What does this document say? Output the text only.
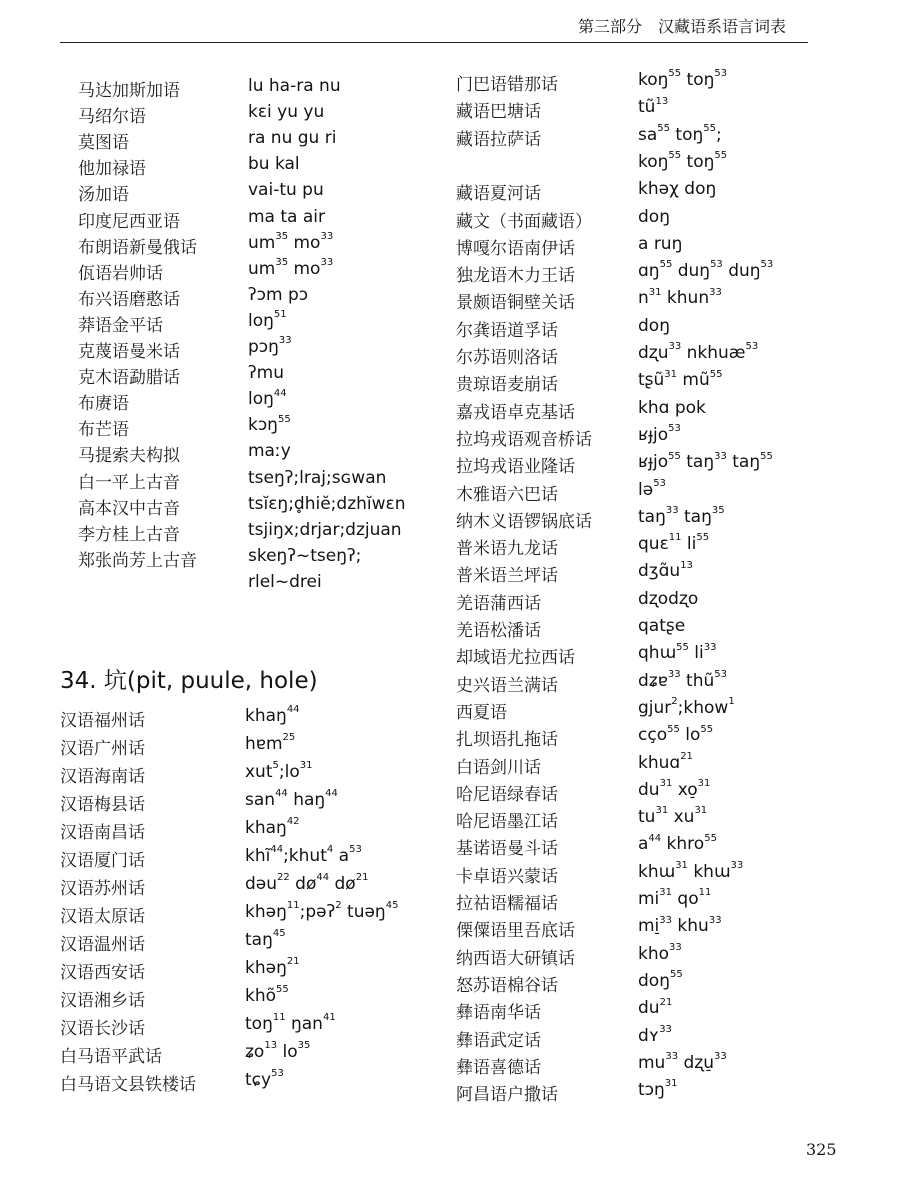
第三部分 汉藏语系语言词表
马达加斯加语	lu ha-ra nu
马绍尔语	kɛi yu yu
莫图语	ra nu gu ri
他加禄语	bu kal
汤加语	vai-tu pu
印度尼西亚语	ma ta air
布朗语新曼俄话	$um^{35}$ $mo^{33}$
佤语岩帅话	$um^{35}$ $mo^{33}$
布兴语磨憨话	ʔɔm pɔ
莽语金平话	loŋ$^{51}$
克蔑语曼米话	pɔŋ$^{33}$
克木语勐腊话	ʔmu
布赓语	loŋ$^{44}$
布芒语	kɔŋ$^{55}$
马提索夫构拟	maːy
白一平上古音	tseŋʔ;lraj;sɢwan
高本汉中古音	tsĭɛŋ;d̥hiĕ;dzhĭwɛn
李方桂上古音	tsjiŋx;drjar;dzjuan
郑张尚芳上古音	skeŋʔ~tseŋʔ;
rlel~drei
34. 坑(pit, puule, hole)
汉语福州话	khaŋ$^{44}$
汉语广州话	hɐm$^{25}$
汉语海南话	$xut^5;lo^{31}$
汉语梅县话	san$^{44}$ haŋ$^{44}$
汉语南昌话	khaŋ$^{42}$
汉语厦门话	khĩ$^{44}$;khut$^4$ $a^{53}$
汉语苏州话	dəu$^{22}$ $dø^{44}$ $dø^{21}$
汉语太原话	khəŋ$^{11}$;pəʔ$^2$ tuəŋ$^{45}$
汉语温州话	taŋ$^{45}$
汉语西安话	khəŋ$^{21}$
汉语湘乡话	khõ$^{55}$
汉语长沙话	toŋ$^{11}$ ŋan$^{41}$
白马语平武话	ʑo$^{13}$ $lo^{35}$
白马语文县铁楼话	tɕy$^{53}$
门巴语错那话	koŋ$^{55}$ toŋ$^{53}$
藏语巴塘话	$tũ^{13}$
藏语拉萨话	$sa^{55}$ toŋ$^{55}$;
koŋ$^{55}$ toŋ$^{55}$
藏语夏河话	khəχ doŋ
藏文（书面藏语）	doŋ
博嘎尔语南伊话	a ruŋ
独龙语木力王话	ɑŋ$^{55}$ duŋ$^{53}$ duŋ$^{53}$
景颇语铜壁关话	$n^{31}$ khun$^{33}$
尔龚语道孚话	doŋ
尔苏语则洛话	dʐu$^{33}$ nkhuæ$^{53}$
贵琼语麦崩话	tʂũ$^{31}$ $mũ^{55}$
嘉戎语卓克基话	khɑ pok
拉坞戎语观音桥话	ʁɟjo$^{53}$
拉坞戎语业隆话	ʁɟjo$^{55}$ taŋ$^{33}$ taŋ$^{55}$
木雅语六巴话	lə$^{53}$
纳木义语锣锅底话	taŋ$^{33}$ taŋ$^{35}$
普米语九龙话	quɛ$^{11}$ $li^{55}$
普米语兰坪话	$dʒɑ̃u^{13}$
羌语蒲西话	dʐodʐo
羌语松潘话	qatʂe
却域语尤拉西话	qhɯ$^{55}$ $li^{33}$
史兴语兰满话	dʑɐ$^{33}$ thũ$^{53}$
西夏语	gjur$^2$;khow$^1$
扎坝语扎拖话	cço$^{55}$ $lo^{55}$
白语剑川话	khuɑ$^{21}$
哈尼语绿春话	$du^{31}$ xo̠$^{31}$
哈尼语墨江话	$tu^{31}$ $xu^{31}$
基诺语曼斗话	$a^{44}$ khro$^{55}$
卡卓语兴蒙话	khɯ$^{31}$ khɯ$^{33}$
拉祜语糯福话	$mi^{31}$ $qo^{11}$
傈僳语里吾底话	mi̠$^{33}$ khu$^{33}$
纳西语大研镇话	kho$^{33}$
怒苏语棉谷话	doŋ$^{55}$
彝语南华话	$du^{21}$
彝语武定话	dʏ$^{33}$
彝语喜德话	$mu^{33}$ dʐu̠$^{33}$
阿昌语户撒话	tɔŋ$^{31}$
325
